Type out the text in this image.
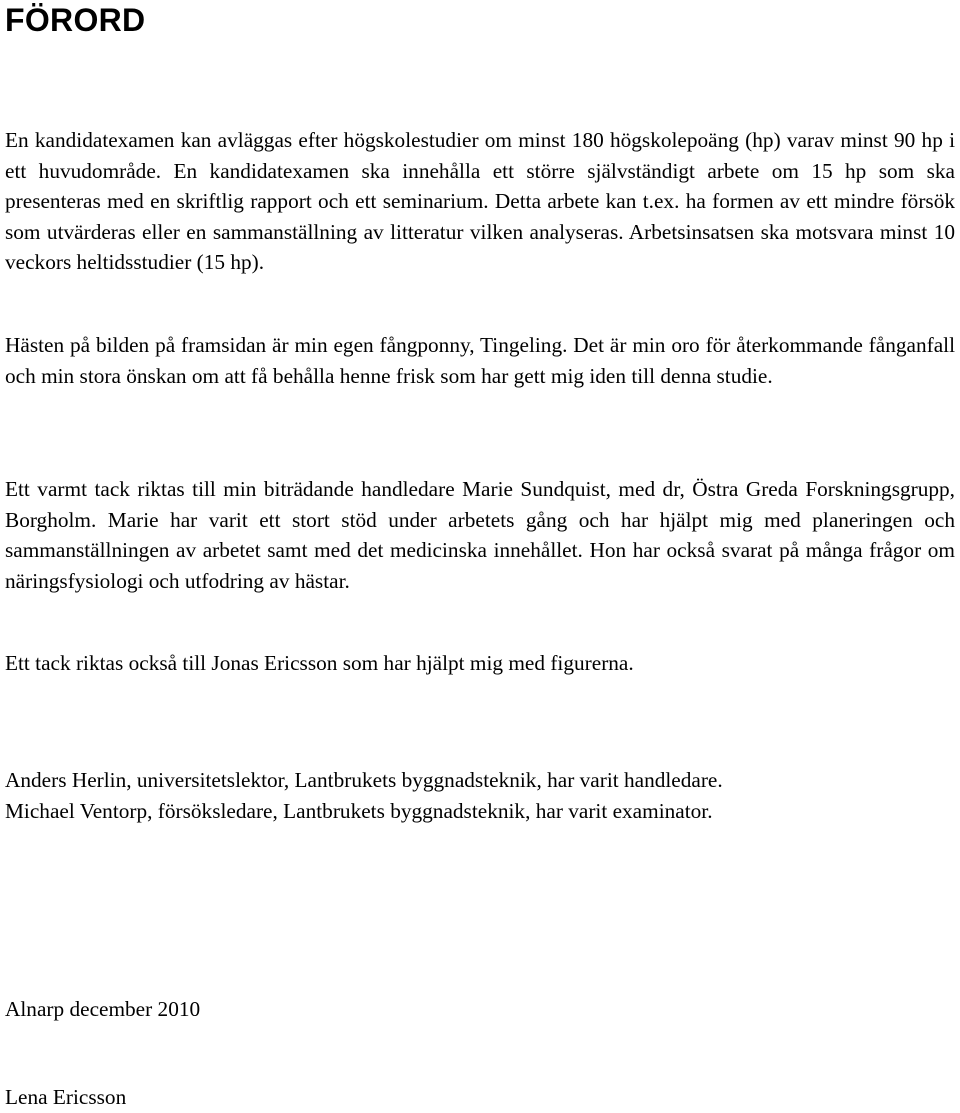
FÖRORD

En kandidatexamen kan avläggas efter högskolestudier om minst 180 högskolepoäng (hp) varav minst 90 hp i ett huvudområde. En kandidatexamen ska innehålla ett större självständigt arbete om 15 hp som ska presenteras med en skriftlig rapport och ett seminarium. Detta arbete kan t.ex. ha formen av ett mindre försök som utvärderas eller en sammanställning av litteratur vilken analyseras. Arbetsinsatsen ska motsvara minst 10 veckors heltidsstudier (15 hp).

Hästen på bilden på framsidan är min egen fångponny, Tingeling. Det är min oro för återkommande fånganfall och min stora önskan om att få behålla henne frisk som har gett mig iden till denna studie.

Ett varmt tack riktas till min biträdande handledare Marie Sundquist, med dr, Östra Greda Forskningsgrupp, Borgholm. Marie har varit ett stort stöd under arbetets gång och har hjälpt mig med planeringen och sammanställningen av arbetet samt med det medicinska innehållet. Hon har också svarat på många frågor om näringsfysiologi och utfodring av hästar.

Ett tack riktas också till Jonas Ericsson som har hjälpt mig med figurerna.

Anders Herlin, universitetslektor, Lantbrukets byggnadsteknik, har varit handledare.
Michael Ventorp, försöksledare, Lantbrukets byggnadsteknik, har varit examinator.

Alnarp december 2010

Lena Ericsson
